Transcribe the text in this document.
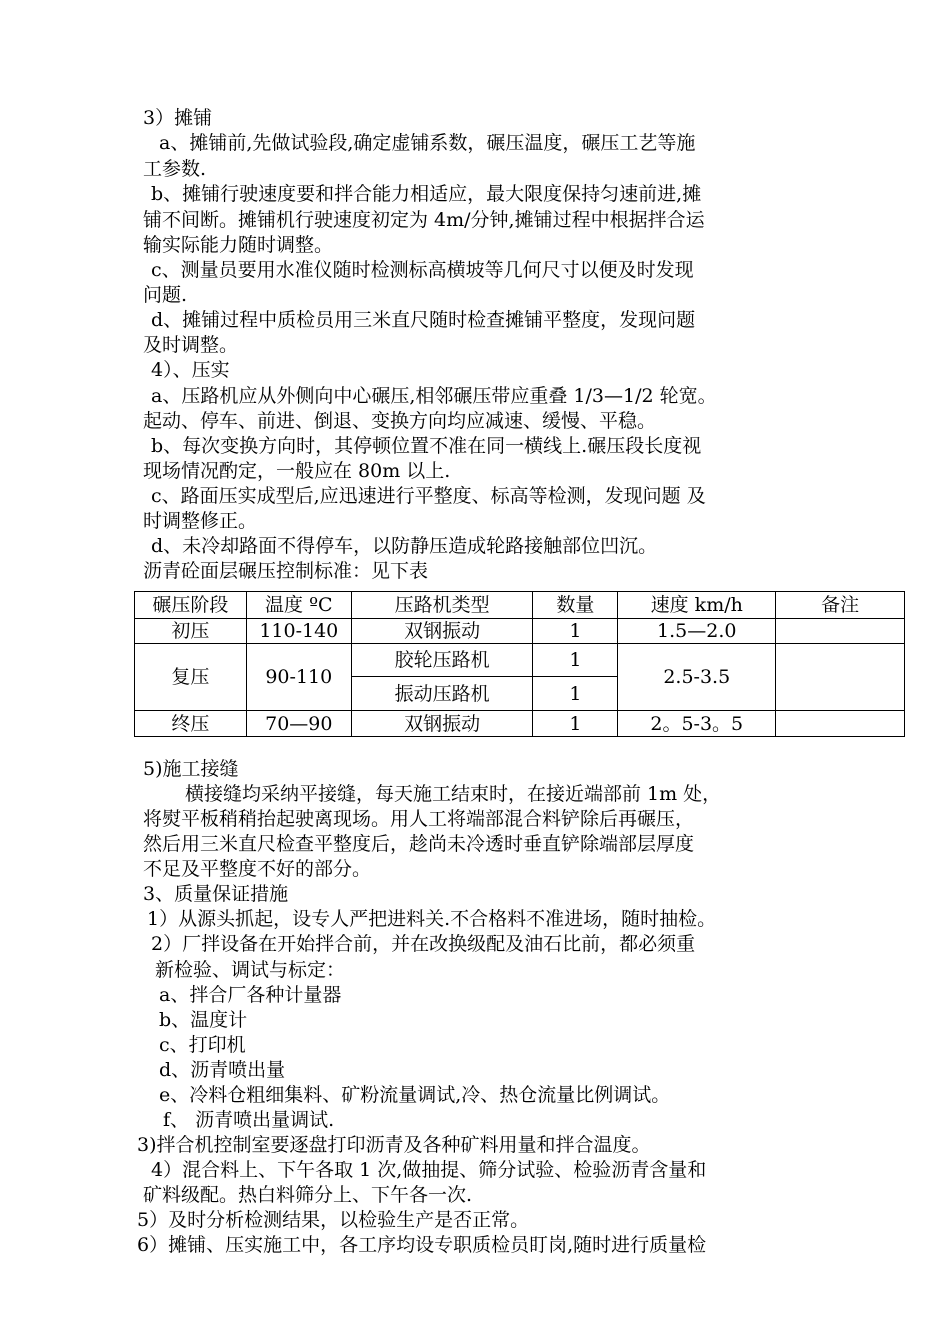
3）摊铺
a、摊铺前,先做试验段,确定虚铺系数，碾压温度，碾压工艺等施
工参数.
b、摊铺行驶速度要和拌合能力相适应，最大限度保持匀速前进,摊
铺不间断。摊铺机行驶速度初定为 4m/分钟,摊铺过程中根据拌合运
输实际能力随时调整。
c、测量员要用水准仪随时检测标高横坡等几何尺寸以便及时发现
问题.
d、摊铺过程中质检员用三米直尺随时检查摊铺平整度，发现问题
及时调整。
4）、压实
a、压路机应从外侧向中心碾压,相邻碾压带应重叠 1/3—1/2 轮宽。
起动、停车、前进、倒退、变换方向均应减速、缓慢、平稳。
b、每次变换方向时，其停顿位置不准在同一横线上.碾压段长度视
现场情况酌定，一般应在 80m 以上.
c、路面压实成型后,应迅速进行平整度、标高等检测，发现问题 及
时调整修正。
d、未冷却路面不得停车，以防静压造成轮路接触部位凹沉。
沥青砼面层碾压控制标准：见下表
碾压阶段	温度 ºC	压路机类型	数量	速度 km/h	备注
初压	110-140	双钢振动	1	1.5—2.0	
复压	90-110	胶轮压路机	1	2.5-3.5	
		振动压路机	1		
终压	70—90	双钢振动	1	2。5-3。5	
5)施工接缝
横接缝均采纳平接缝，每天施工结束时，在接近端部前 1m 处，
将熨平板稍稍抬起驶离现场。用人工将端部混合料铲除后再碾压，
然后用三米直尺检查平整度后，趁尚未冷透时垂直铲除端部层厚度
不足及平整度不好的部分。
3、质量保证措施
1）从源头抓起，设专人严把进料关.不合格料不准进场，随时抽检。
2）厂拌设备在开始拌合前，并在改换级配及油石比前，都必须重
新检验、调试与标定：
a、拌合厂各种计量器
b、温度计
c、打印机
d、沥青喷出量
e、冷料仓粗细集料、矿粉流量调试,冷、热仓流量比例调试。
f、 沥青喷出量调试.
3)拌合机控制室要逐盘打印沥青及各种矿料用量和拌合温度。
4）混合料上、下午各取 1 次,做抽提、筛分试验、检验沥青含量和
矿料级配。热白料筛分上、下午各一次.
5）及时分析检测结果，以检验生产是否正常。
6）摊铺、压实施工中，各工序均设专职质检员盯岗,随时进行质量检
